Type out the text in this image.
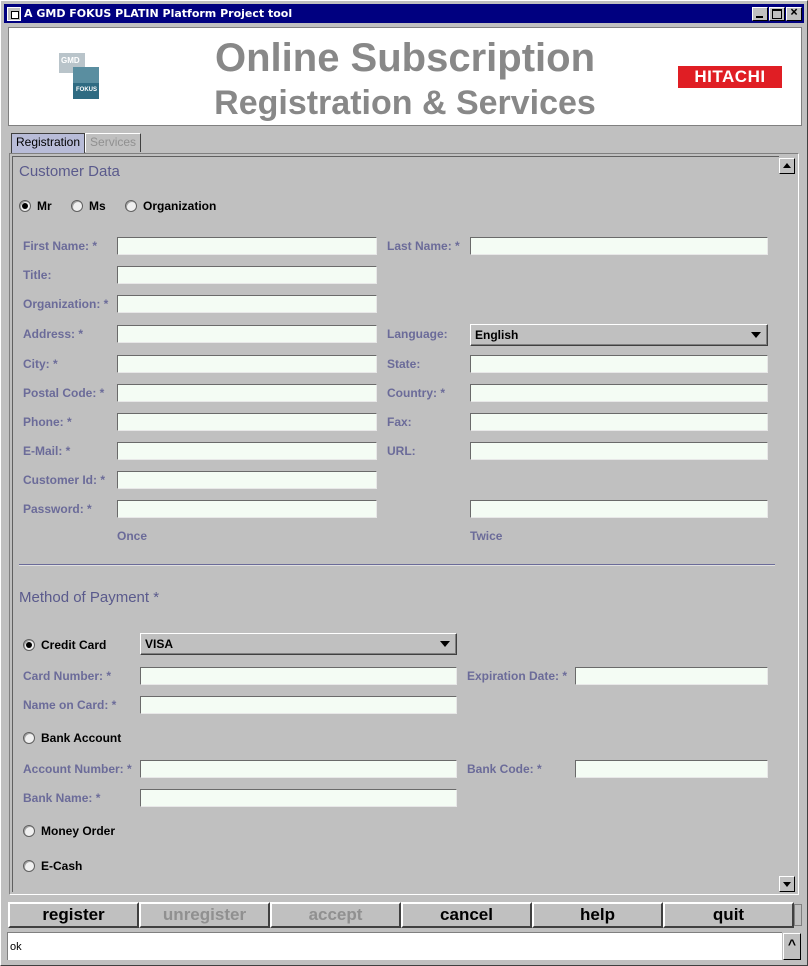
A GMD FOKUS PLATIN Platform Project tool
×
GMD
FOKUS
Online Subscription
Registration & Services
HITACHI
Registration Services
Customer Data
Mr	Ms	Organization
First Name: *	Last Name: *
Title:
Organization: *
Address: *	Language:	English
City: *	State:
Postal Code: *	Country: *
Phone: *	Fax:
E-Mail: *	URL:
Customer Id: *
Password: *
Once	Twice
Method of Payment *
Credit Card	VISA
Card Number: *	Expiration Date: *
Name on Card: *
Bank Account
Account Number: *	Bank Code: *
Bank Name: *
Money Order
E-Cash
register	unregister	accept	cancel	help	quit
ok	^
